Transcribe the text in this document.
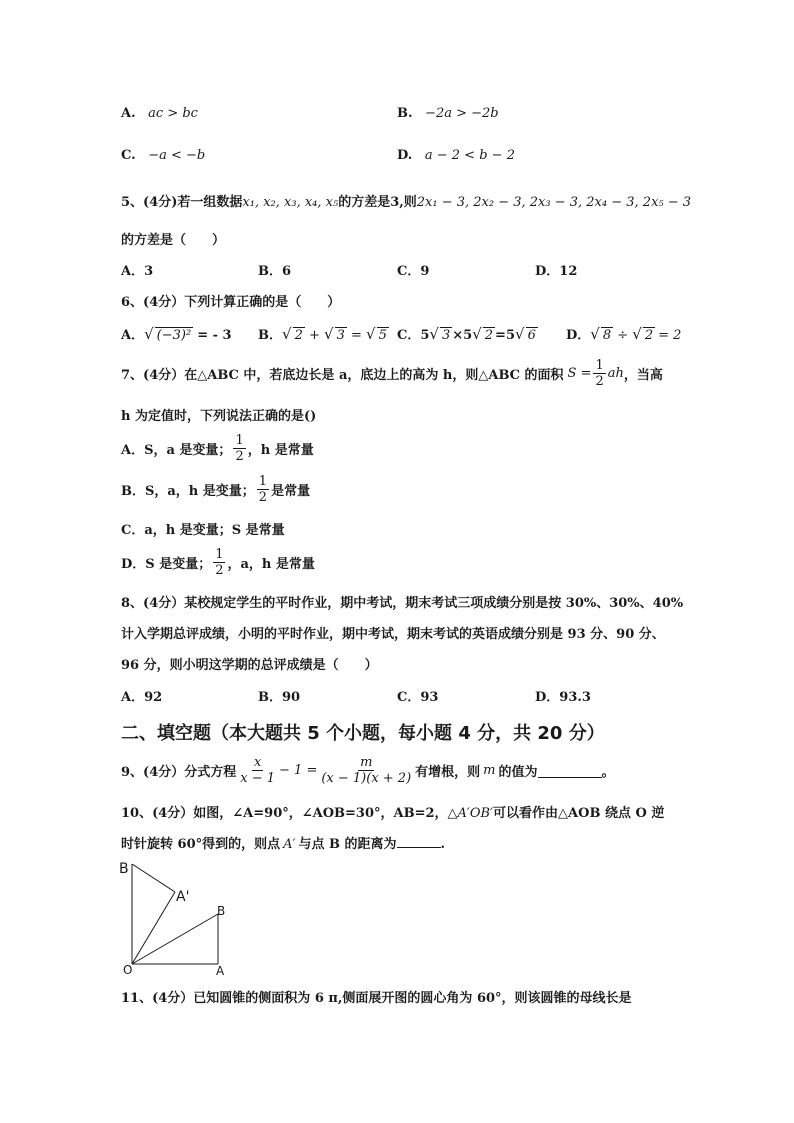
A. ac > bc	B. −2a > −2b
C. −a < −b	D. a − 2 < b − 2
5、(4分)若一组数据x₁, x₂, x₃, x₄, x₅的方差是3,则2x₁ − 3, 2x₂ − 3, 2x₃ − 3, 2x₄ − 3, 2x₅ − 3
的方差是（　　）
A．3	B．6	C．9	D．12
6、(4分）下列计算正确的是（　　）
A．√ (−3)² = - 3 B．√ 2 + √ 3 = √ 5 C．5√ 3 ×5√ 2 =5√ 6 D．√ 8 ÷ √ 2 = 2
7、(4分）在△ABC 中，若底边长是 a，底边上的高为 h，则△ABC 的面积 $S = \frac{1}{2}$ ah ，当高
h 为定值时，下列说法正确的是()
A．S，a 是变量； $\frac{1}{2}$ ，h 是常量
B．S，a，h 是变量； $\frac{1}{2}$ 是常量
C．a，h 是变量；S 是常量
D．S 是变量； $\frac{1}{2}$ ，a，h 是常量
8、(4分）某校规定学生的平时作业，期中考试，期末考试三项成绩分别是按 30%、30%、40%
计入学期总评成绩，小明的平时作业，期中考试，期末考试的英语成绩分别是 93 分、90 分、
96 分，则小明这学期的总评成绩是（　　）
A．92	B．90	C．93	D．93.3
二、填空题（本大题共 5 个小题，每小题 4 分，共 20 分）
9、(4分）分式方程 $\frac{x}{x - 1} - 1 = \frac{m}{(x - 1)(x + 2)}$ 有增根，则 m 的值为	。
10、(4分）如图，∠A=90°，∠AOB=30°，AB=2，△A′OB′可以看作由△AOB 绕点 O 逆
时针旋转 60°得到的，则点 A′ 与点 B 的距离为	.
B
A'
B
O	A
11、(4分）已知圆锥的侧面积为 6 π,侧面展开图的圆心角为 60°，则该圆锥的母线长是
